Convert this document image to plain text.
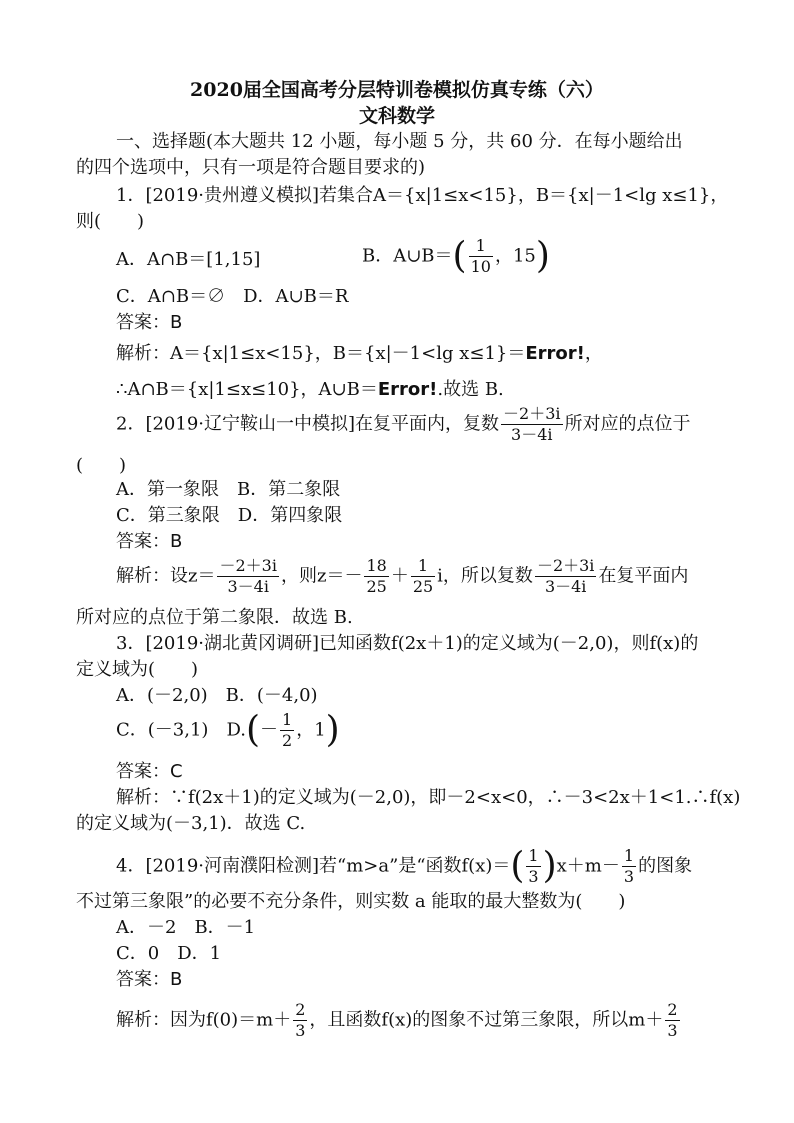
2020届全国高考分层特训卷模拟仿真专练（六）
文科数学
一、选择题(本大题共 12 小题，每小题 5 分，共 60 分．在每小题给出
的四个选项中，只有一项是符合题目要求的)
1．[2019·贵州遵义模拟]若集合A＝{x|1≤x<15}，B＝{x|－1<lg x≤1}，
则(　　)
A．A∩B＝[1,15]	B．A∪B＝( $\frac{1}{10}$ ，15)
C．A∩B＝∅　D．A∪B＝R
答案：B
解析：A＝{x|1≤x<15}，B＝{x|－1<lg x≤1}＝Error!，
∴A∩B＝{x|1≤x≤10}，A∪B＝Error!.故选 B.
2．[2019·辽宁鞍山一中模拟]在复平面内，复数 $\frac{-2+3i}{3-4i}$ 所对应的点位于
(　　)
A．第一象限　B．第二象限
C．第三象限　D．第四象限
答案：B
解析：设$z= \frac{-2+3i}{3-4i}$ ，则$z=- \frac{18}{25} + \frac{1}{25}$ i，所以复数 $\frac{-2+3i}{3-4i}$ 在复平面内
所对应的点位于第二象限．故选 B.
3．[2019·湖北黄冈调研]已知函数f(2x＋1)的定义域为(－2,0)，则f(x)的
定义域为(　　)
A．(－2,0)　B．(－4,0)
C．(－3,1)　$D.(- \frac{1}{2}$ ，1)
答案：C
解析：∵f(2x＋1)的定义域为(－2,0)，即－2<x<0，∴－3<2x＋1<1.∴f(x)
的定义域为(－3,1)．故选 C.
4．[2019·河南濮阳检测]若“m>a”是“函数$f(x)=( \frac{1}{3} )x+m- \frac{1}{3}$ 的图象
不过第三象限”的必要不充分条件，则实数 a 能取的最大整数为(　　)
A．－2　B．－1
C．0　D．1
答案：B
解析：因为$f(0)=m+ \frac{2}{3}$ ，且函数f(x)的图象不过第三象限，所以$m+ \frac{2}{3}$
